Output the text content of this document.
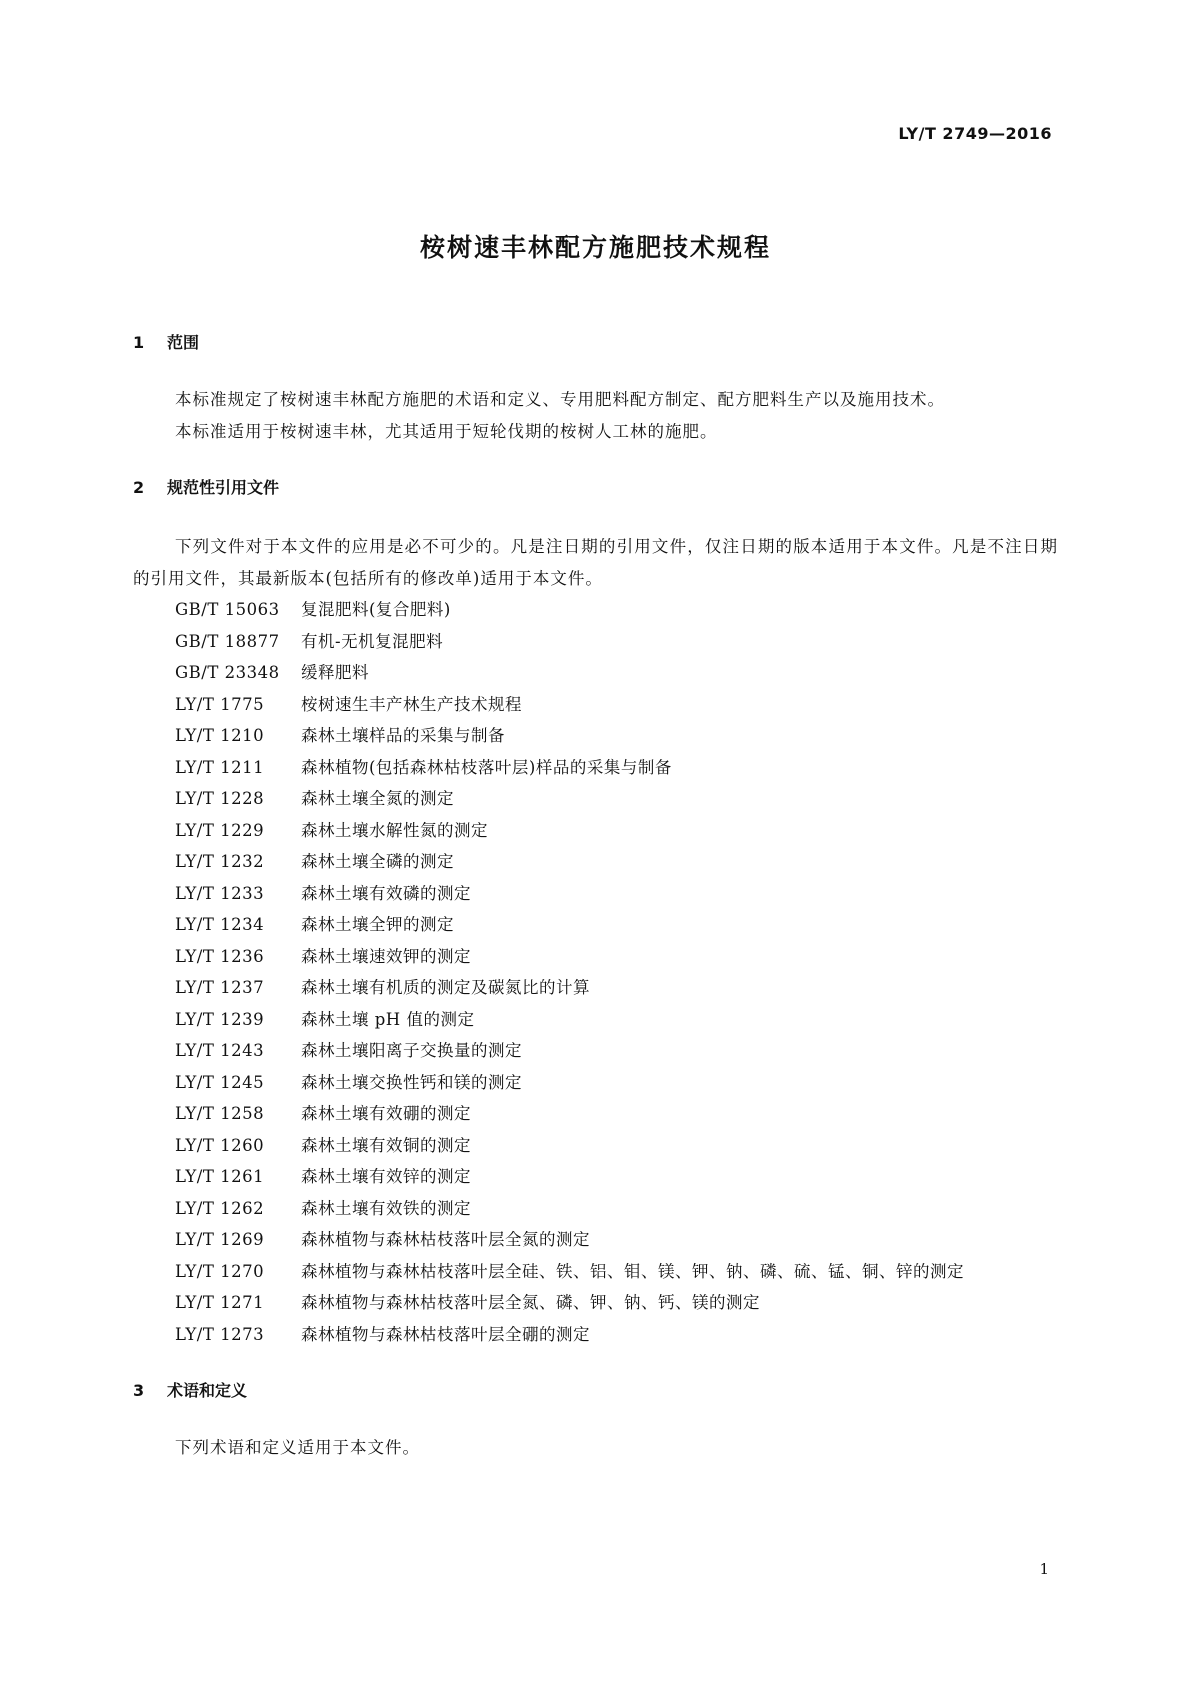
LY/T 2749—2016
桉树速丰林配方施肥技术规程
1 范围
本标准规定了桉树速丰林配方施肥的术语和定义、专用肥料配方制定、配方肥料生产以及施用技术。
本标准适用于桉树速丰林，尤其适用于短轮伐期的桉树人工林的施肥。
2 规范性引用文件
下列文件对于本文件的应用是必不可少的。凡是注日期的引用文件，仅注日期的版本适用于本文件。凡是不注日期的引用文件，其最新版本(包括所有的修改单)适用于本文件。
GB/T 15063 复混肥料(复合肥料)
GB/T 18877 有机-无机复混肥料
GB/T 23348 缓释肥料
LY/T 1775 桉树速生丰产林生产技术规程
LY/T 1210 森林土壤样品的采集与制备
LY/T 1211 森林植物(包括森林枯枝落叶层)样品的采集与制备
LY/T 1228 森林土壤全氮的测定
LY/T 1229 森林土壤水解性氮的测定
LY/T 1232 森林土壤全磷的测定
LY/T 1233 森林土壤有效磷的测定
LY/T 1234 森林土壤全钾的测定
LY/T 1236 森林土壤速效钾的测定
LY/T 1237 森林土壤有机质的测定及碳氮比的计算
LY/T 1239 森林土壤 pH 值的测定
LY/T 1243 森林土壤阳离子交换量的测定
LY/T 1245 森林土壤交换性钙和镁的测定
LY/T 1258 森林土壤有效硼的测定
LY/T 1260 森林土壤有效铜的测定
LY/T 1261 森林土壤有效锌的测定
LY/T 1262 森林土壤有效铁的测定
LY/T 1269 森林植物与森林枯枝落叶层全氮的测定
LY/T 1270 森林植物与森林枯枝落叶层全硅、铁、铝、钼、镁、钾、钠、磷、硫、锰、铜、锌的测定
LY/T 1271 森林植物与森林枯枝落叶层全氮、磷、钾、钠、钙、镁的测定
LY/T 1273 森林植物与森林枯枝落叶层全硼的测定
3 术语和定义
下列术语和定义适用于本文件。
1
